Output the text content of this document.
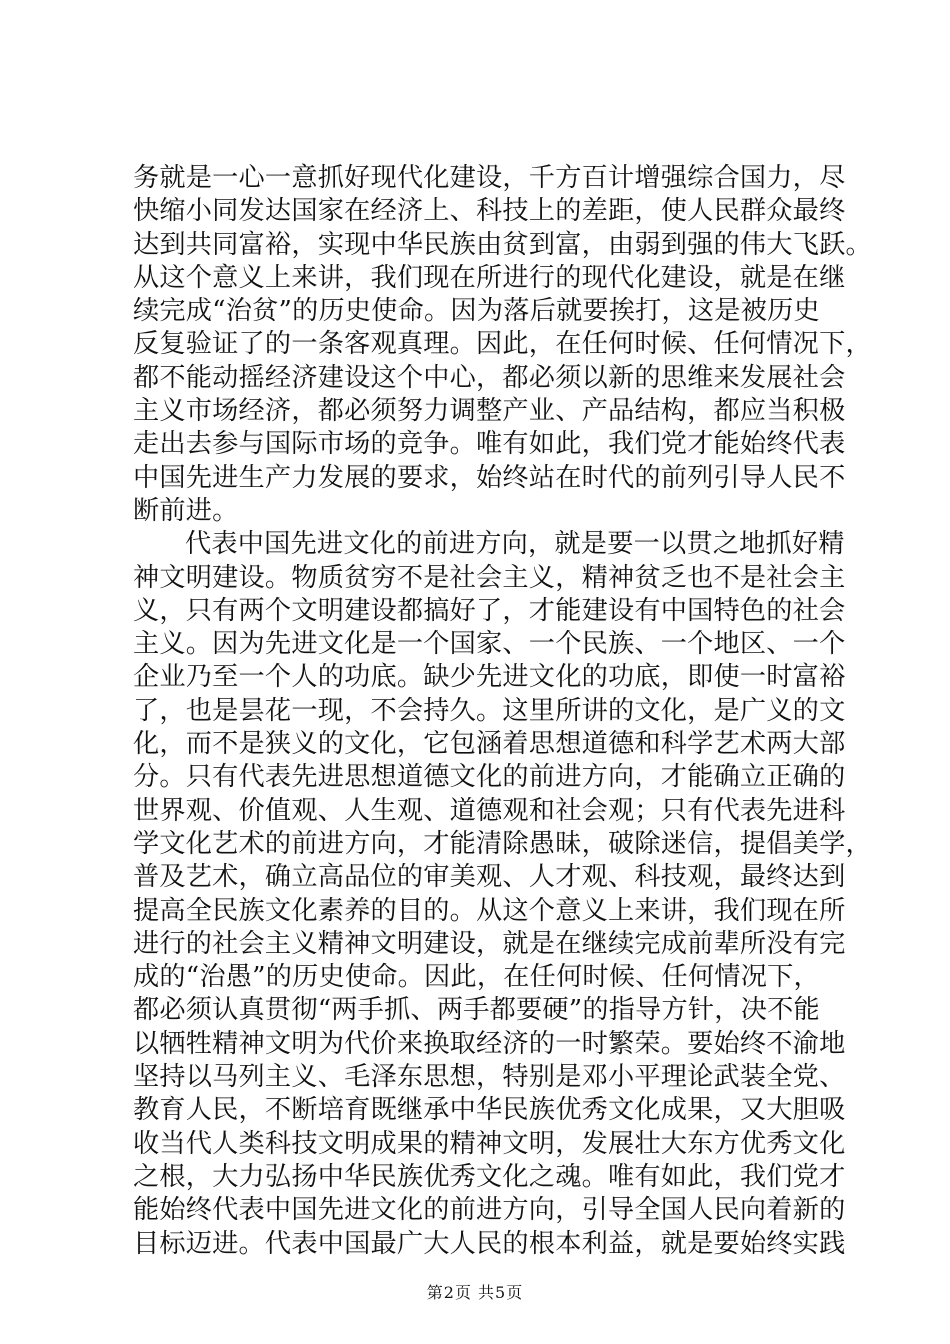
务就是一心一意抓好现代化建设，千方百计增强综合国力，尽
快缩小同发达国家在经济上、科技上的差距，使人民群众最终
达到共同富裕，实现中华民族由贫到富，由弱到强的伟大飞跃。
从这个意义上来讲，我们现在所进行的现代化建设，就是在继
续完成“治贫”的历史使命。因为落后就要挨打，这是被历史
反复验证了的一条客观真理。因此，在任何时候、任何情况下，
都不能动摇经济建设这个中心，都必须以新的思维来发展社会
主义市场经济，都必须努力调整产业、产品结构，都应当积极
走出去参与国际市场的竞争。唯有如此，我们党才能始终代表
中国先进生产力发展的要求，始终站在时代的前列引导人民不
断前进。
代表中国先进文化的前进方向，就是要一以贯之地抓好精
神文明建设。物质贫穷不是社会主义，精神贫乏也不是社会主
义，只有两个文明建设都搞好了，才能建设有中国特色的社会
主义。因为先进文化是一个国家、一个民族、一个地区、一个
企业乃至一个人的功底。缺少先进文化的功底，即使一时富裕
了，也是昙花一现，不会持久。这里所讲的文化，是广义的文
化，而不是狭义的文化，它包涵着思想道德和科学艺术两大部
分。只有代表先进思想道德文化的前进方向，才能确立正确的
世界观、价值观、人生观、道德观和社会观；只有代表先进科
学文化艺术的前进方向，才能清除愚昧，破除迷信，提倡美学，
普及艺术，确立高品位的审美观、人才观、科技观，最终达到
提高全民族文化素养的目的。从这个意义上来讲，我们现在所
进行的社会主义精神文明建设，就是在继续完成前辈所没有完
成的“治愚”的历史使命。因此，在任何时候、任何情况下，
都必须认真贯彻“两手抓、两手都要硬”的指导方针，决不能
以牺牲精神文明为代价来换取经济的一时繁荣。要始终不渝地
坚持以马列主义、毛泽东思想，特别是邓小平理论武装全党、
教育人民，不断培育既继承中华民族优秀文化成果，又大胆吸
收当代人类科技文明成果的精神文明，发展壮大东方优秀文化
之根，大力弘扬中华民族优秀文化之魂。唯有如此，我们党才
能始终代表中国先进文化的前进方向，引导全国人民向着新的
目标迈进。代表中国最广大人民的根本利益，就是要始终实践
第2页 共5页
